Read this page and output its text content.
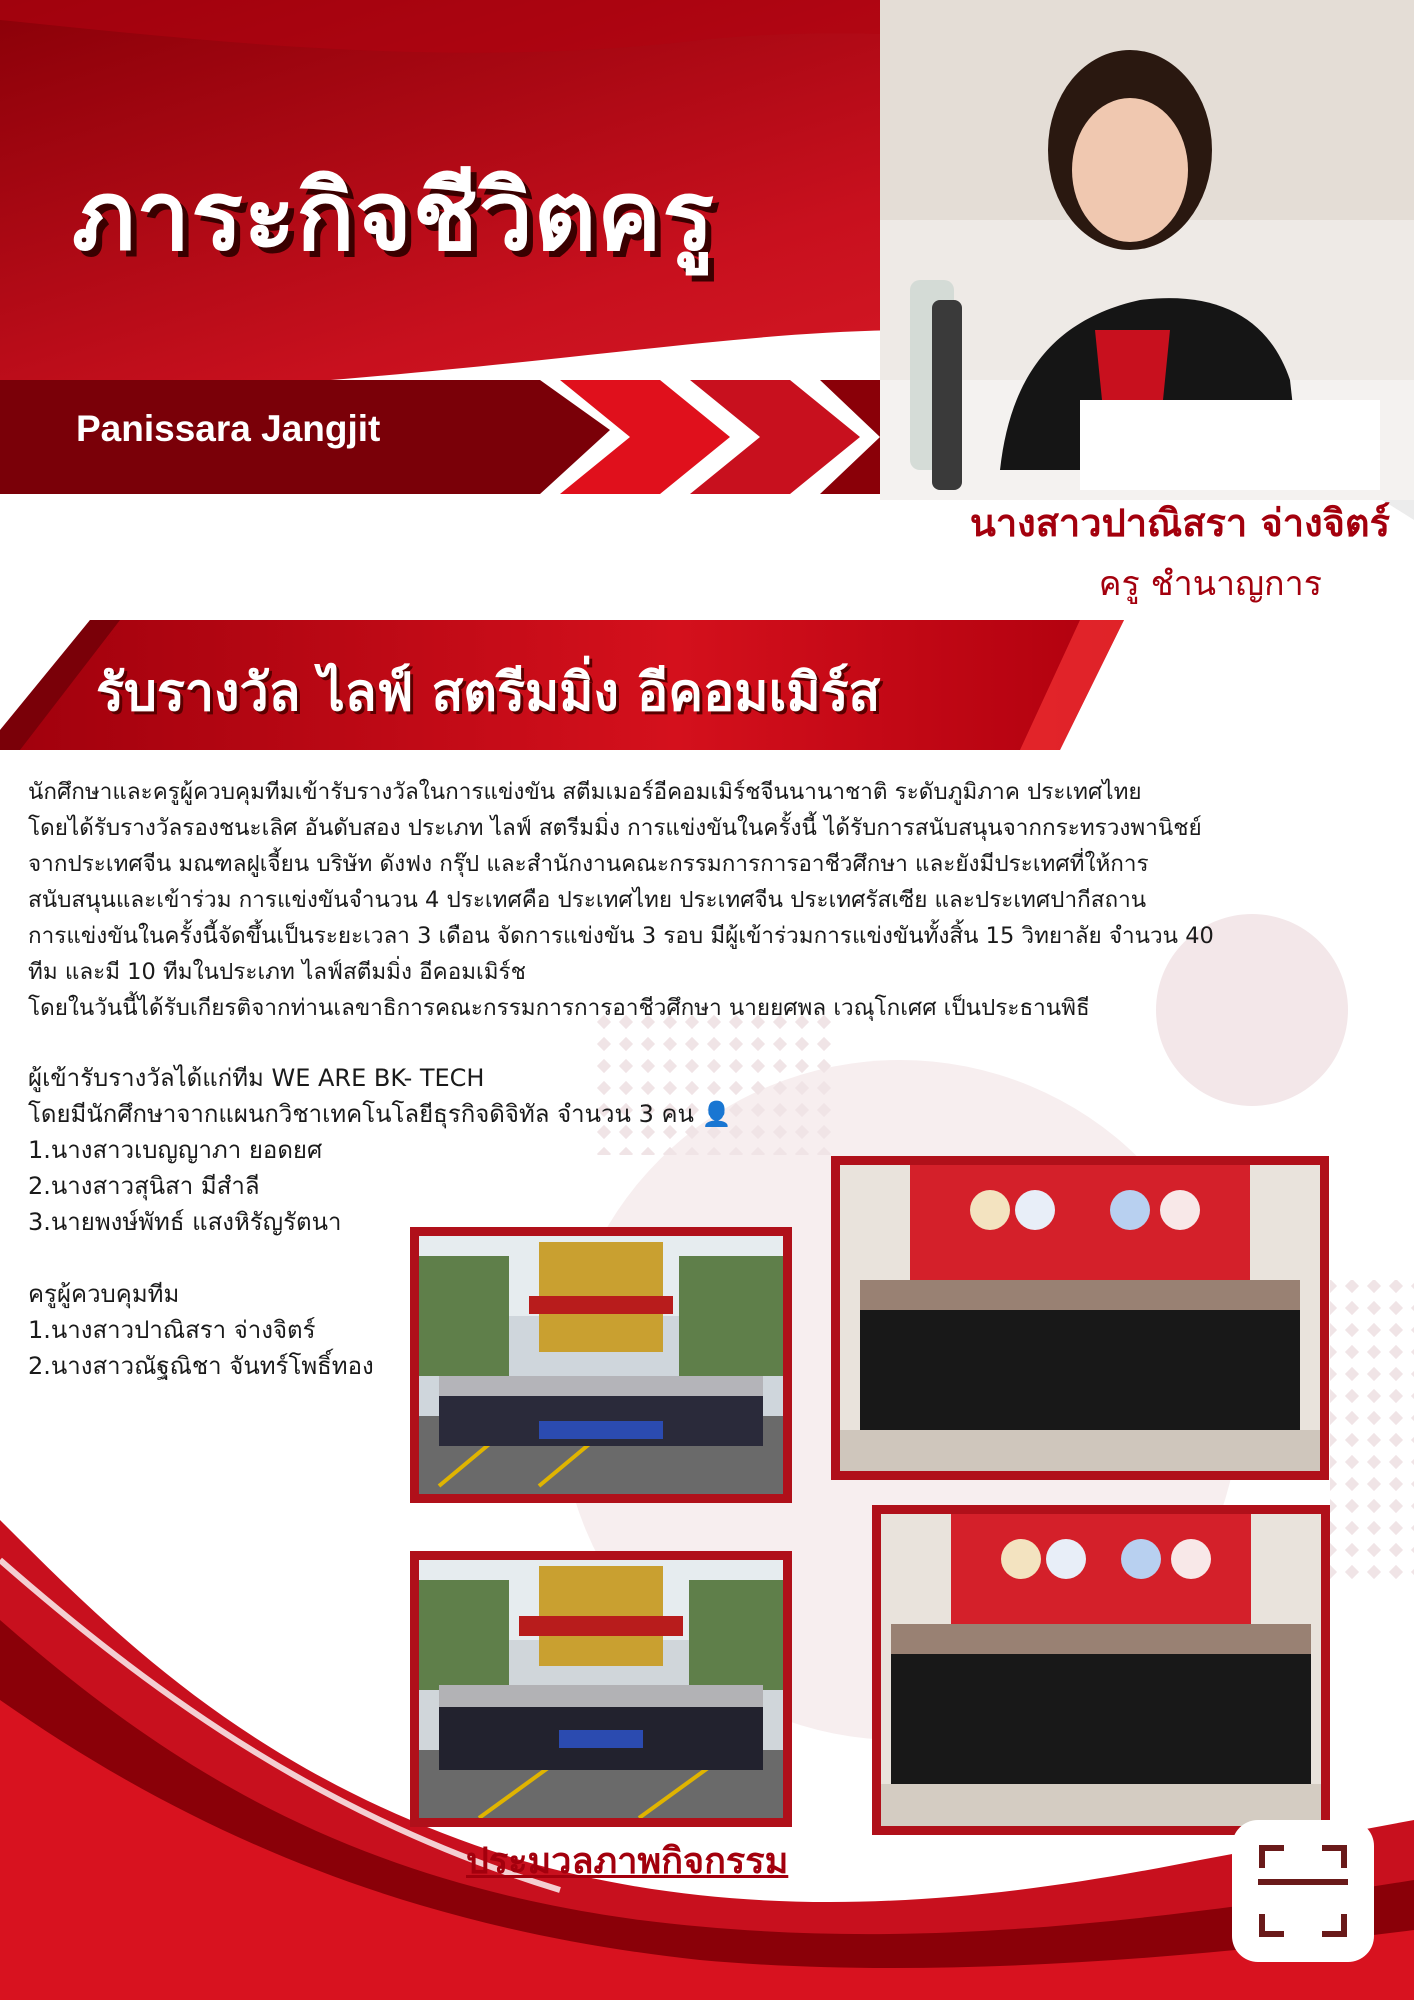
ภาระกิจชีวิตครู
Panissara Jangjit
นางสาวปาณิสรา จ่างจิตร์
ครู ชำนาญการ
รับรางวัล ไลฟ์ สตรีมมิ่ง อีคอมเมิร์ส
นักศึกษาและครูผู้ควบคุมทีมเข้ารับรางวัลในการแข่งขัน สตีมเมอร์อีคอมเมิร์ชจีนนานาชาติ ระดับภูมิภาค ประเทศไทย
โดยได้รับรางวัลรองชนะเลิศ อันดับสอง ประเภท ไลฟ์ สตรีมมิ่ง การแข่งขันในครั้งนี้ ได้รับการสนับสนุนจากกระทรวงพานิชย์
จากประเทศจีน มณฑลฝูเจี้ยน บริษัท ดังฟง กรุ๊ป และสำนักงานคณะกรรมการการอาชีวศึกษา และยังมีประเทศที่ให้การ
สนับสนุนและเข้าร่วม การแข่งขันจำนวน 4 ประเทศคือ ประเทศไทย ประเทศจีน ประเทศรัสเซีย และประเทศปากีสถาน
การแข่งขันในครั้งนี้จัดขึ้นเป็นระยะเวลา 3 เดือน จัดการแข่งขัน 3 รอบ มีผู้เข้าร่วมการแข่งขันทั้งสิ้น 15 วิทยาลัย จำนวน 40
ทีม และมี 10 ทีมในประเภท ไลฟ์สตีมมิ่ง อีคอมเมิร์ช
โดยในวันนี้ได้รับเกียรติจากท่านเลขาธิการคณะกรรมการการอาชีวศึกษา นายยศพล เวณุโกเศศ เป็นประธานพิธี
ผู้เข้ารับรางวัลได้แก่ทีม WE ARE BK- TECH
โดยมีนักศึกษาจากแผนกวิชาเทคโนโลยีธุรกิจดิจิทัล จำนวน 3 คน 👤
1.นางสาวเบญญาภา ยอดยศ
2.นางสาวสุนิสา มีสำลี
3.นายพงษ์พัทธ์ แสงหิรัญรัตนา
ครูผู้ควบคุมทีม
1.นางสาวปาณิสรา จ่างจิตร์
2.นางสาวณัฐณิชา จันทร์โพธิ์ทอง
ประมวลภาพกิจกรรม
